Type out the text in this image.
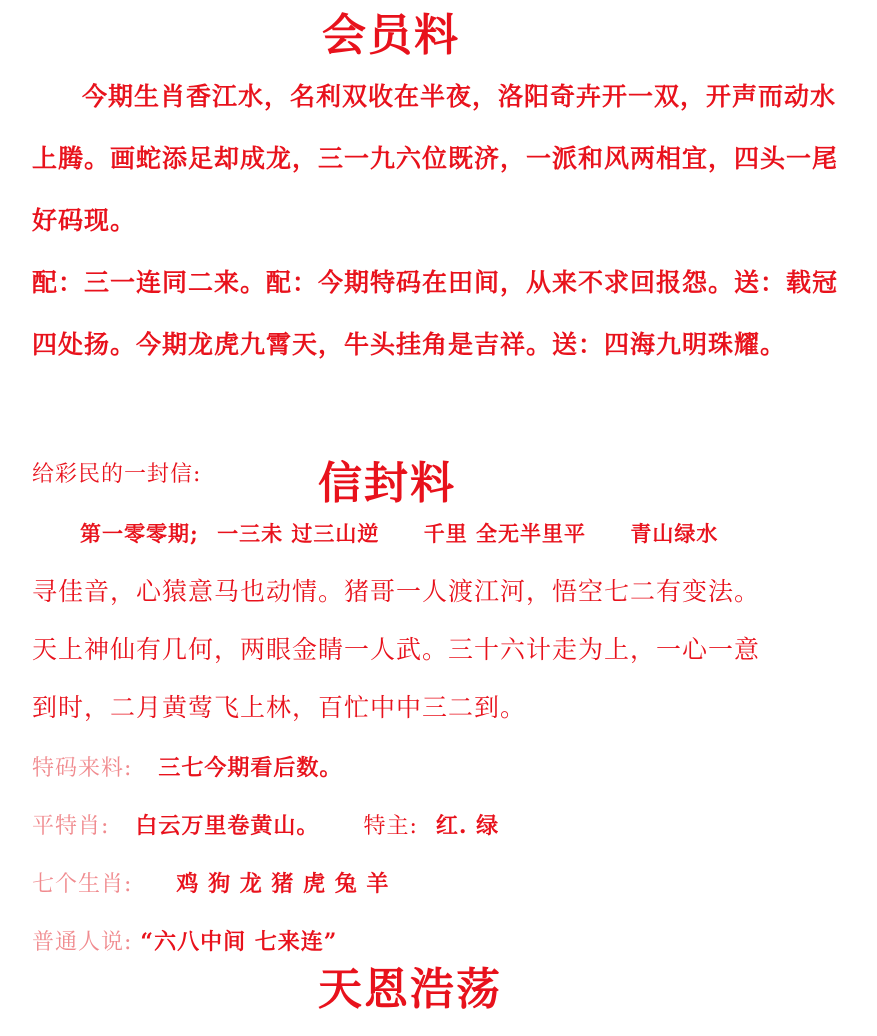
会员料

今期生肖香江水，名利双收在半夜，洛阳奇卉开一双，开声而动水上腾。画蛇添足却成龙，三一九六位既济，一派和风两相宜，四头一尾好码现。

配：三一连同二来。配：今期特码在田间，从来不求回报怨。送：载冠四处扬。今期龙虎九霄天，牛头挂角是吉祥。送：四海九明珠耀。

给彩民的一封信:	信封料
第一零零期; 一三未 过三山逆 千里 全无半里平 青山绿水
寻佳音，心猿意马也动情。猪哥一人渡江河，悟空七二有变法。
天上神仙有几何，两眼金睛一人武。三十六计走为上，一心一意
到时，二月黄莺飞上林，百忙中中三二到。
特码来料: 三七今期看后数。
平特肖: 白云万里卷黄山。 特主: 红. 绿
七个生肖: 鸡 狗 龙 猪 虎 兔 羊
普通人说: “六八中间 七来连”
天恩浩荡
